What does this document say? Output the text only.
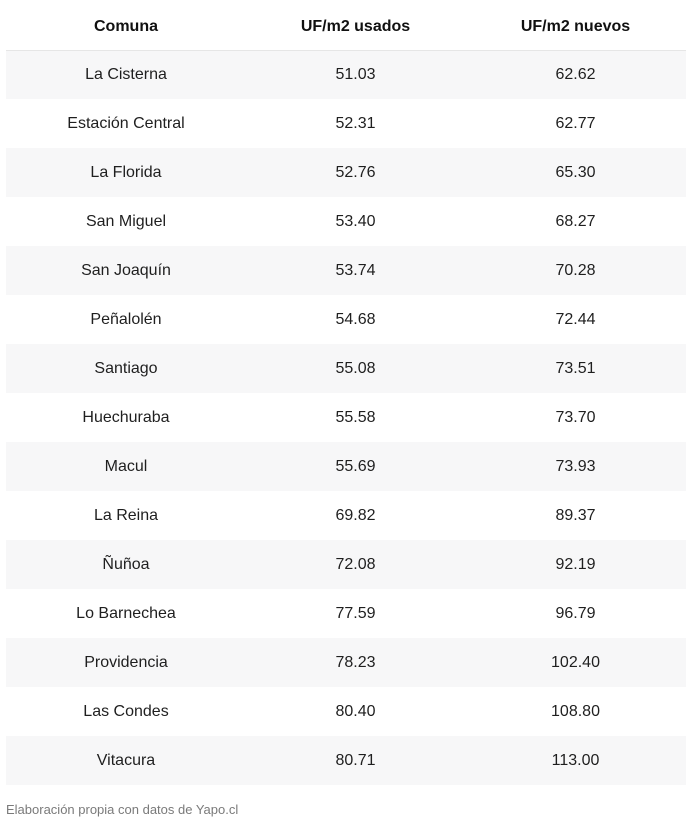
Comuna	UF/m2 usados	UF/m2 nuevos
La Cisterna	51.03	62.62
Estación Central	52.31	62.77
La Florida	52.76	65.30
San Miguel	53.40	68.27
San Joaquín	53.74	70.28
Peñalolén	54.68	72.44
Santiago	55.08	73.51
Huechuraba	55.58	73.70
Macul	55.69	73.93
La Reina	69.82	89.37
Ñuñoa	72.08	92.19
Lo Barnechea	77.59	96.79
Providencia	78.23	102.40
Las Condes	80.40	108.80
Vitacura	80.71	113.00
Elaboración propia con datos de Yapo.cl
